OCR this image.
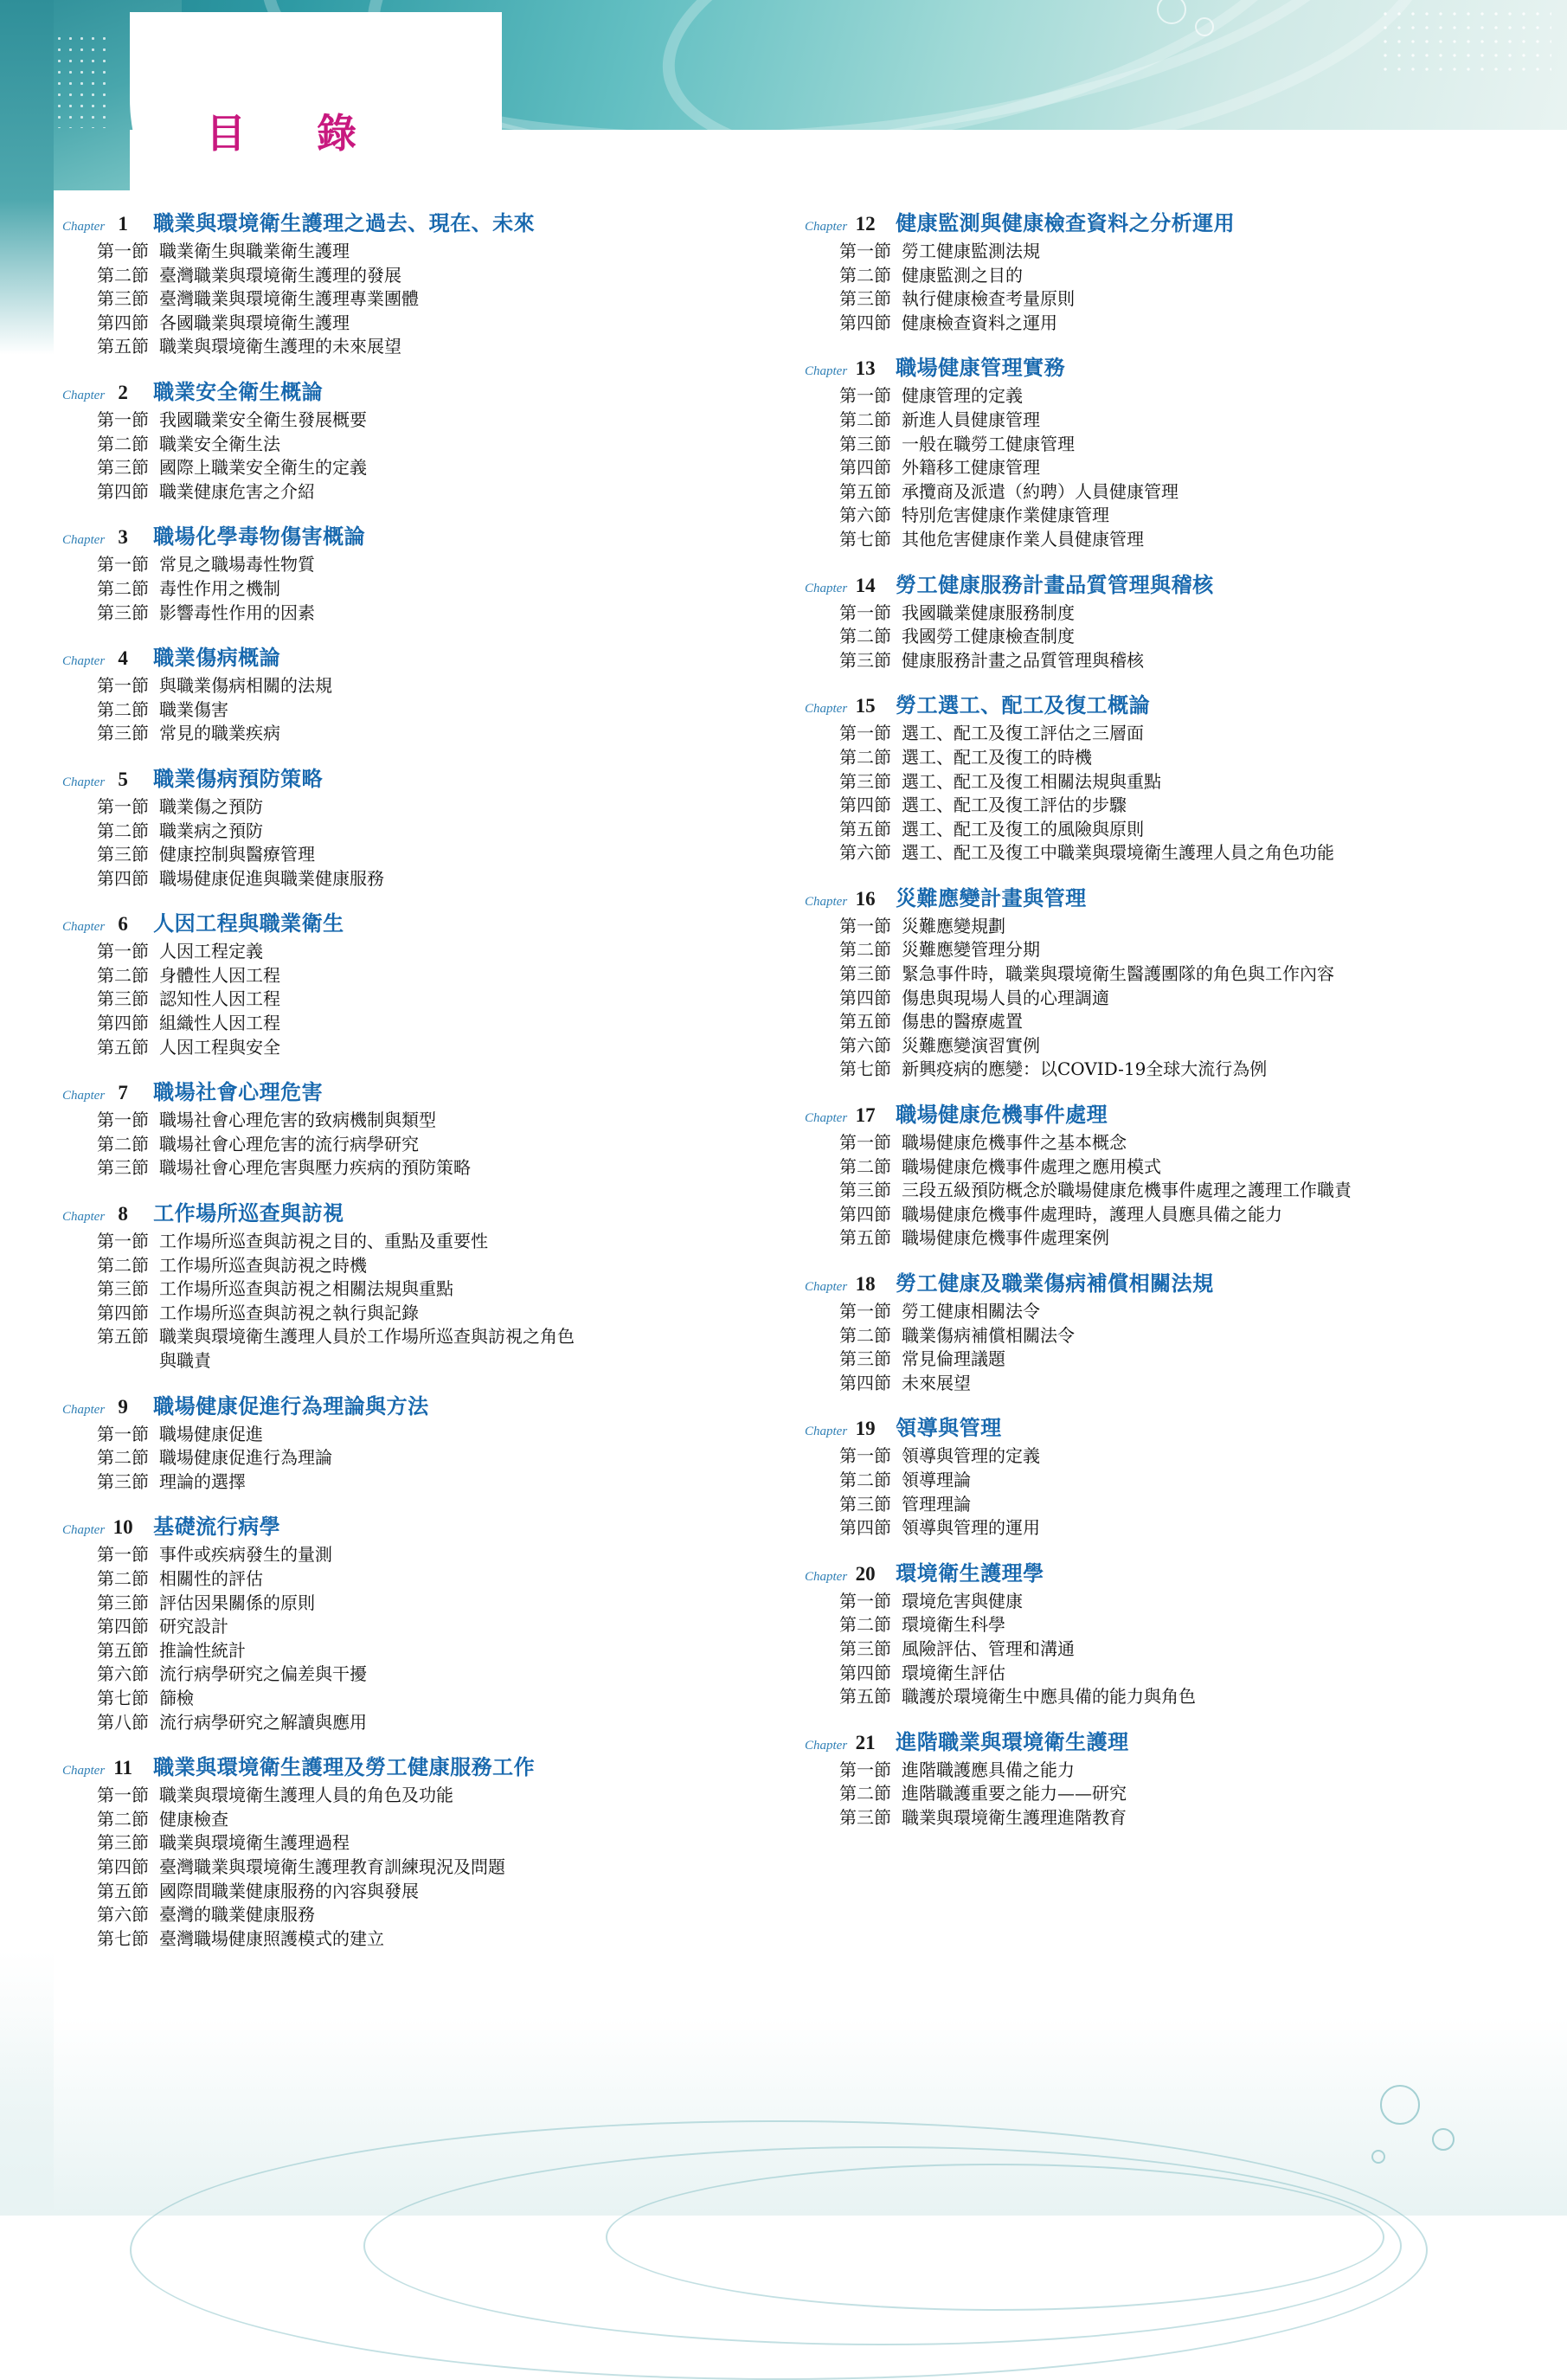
目　錄
Chapter 1	職業與環境衛生護理之過去、現在、未來
第一節 職業衛生與職業衛生護理
第二節 臺灣職業與環境衛生護理的發展
第三節 臺灣職業與環境衛生護理專業團體
第四節 各國職業與環境衛生護理
第五節 職業與環境衛生護理的未來展望
Chapter 2	職業安全衛生概論
第一節 我國職業安全衛生發展概要
第二節 職業安全衛生法
第三節 國際上職業安全衛生的定義
第四節 職業健康危害之介紹
Chapter 3	職場化學毒物傷害概論
第一節 常見之職場毒性物質
第二節 毒性作用之機制
第三節 影響毒性作用的因素
Chapter 4	職業傷病概論
第一節 與職業傷病相關的法規
第二節 職業傷害
第三節 常見的職業疾病
Chapter 5	職業傷病預防策略
第一節 職業傷之預防
第二節 職業病之預防
第三節 健康控制與醫療管理
第四節 職場健康促進與職業健康服務
Chapter 6	人因工程與職業衛生
第一節 人因工程定義
第二節 身體性人因工程
第三節 認知性人因工程
第四節 組織性人因工程
第五節 人因工程與安全
Chapter 7	職場社會心理危害
第一節 職場社會心理危害的致病機制與類型
第二節 職場社會心理危害的流行病學研究
第三節 職場社會心理危害與壓力疾病的預防策略
Chapter 8	工作場所巡查與訪視
第一節 工作場所巡查與訪視之目的、重點及重要性
第二節 工作場所巡查與訪視之時機
第三節 工作場所巡查與訪視之相關法規與重點
第四節 工作場所巡查與訪視之執行與記錄
第五節 職業與環境衛生護理人員於工作場所巡查與訪視之角色
與職責
Chapter 9	職場健康促進行為理論與方法
第一節 職場健康促進
第二節 職場健康促進行為理論
第三節 理論的選擇
Chapter 10 基礎流行病學
第一節 事件或疾病發生的量測
第二節 相關性的評估
第三節 評估因果關係的原則
第四節 研究設計
第五節 推論性統計
第六節 流行病學研究之偏差與干擾
第七節 篩檢
第八節 流行病學研究之解讀與應用
Chapter 11 職業與環境衛生護理及勞工健康服務工作
第一節 職業與環境衛生護理人員的角色及功能
第二節 健康檢查
第三節 職業與環境衛生護理過程
第四節 臺灣職業與環境衛生護理教育訓練現況及問題
第五節 國際間職業健康服務的內容與發展
第六節 臺灣的職業健康服務
第七節 臺灣職場健康照護模式的建立
Chapter 12 健康監測與健康檢查資料之分析運用
第一節 勞工健康監測法規
第二節 健康監測之目的
第三節 執行健康檢查考量原則
第四節 健康檢查資料之運用
Chapter 13 職場健康管理實務
第一節 健康管理的定義
第二節 新進人員健康管理
第三節 一般在職勞工健康管理
第四節 外籍移工健康管理
第五節 承攬商及派遣（約聘）人員健康管理
第六節 特別危害健康作業健康管理
第七節 其他危害健康作業人員健康管理
Chapter 14 勞工健康服務計畫品質管理與稽核
第一節 我國職業健康服務制度
第二節 我國勞工健康檢查制度
第三節 健康服務計畫之品質管理與稽核
Chapter 15 勞工選工、配工及復工概論
第一節 選工、配工及復工評估之三層面
第二節 選工、配工及復工的時機
第三節 選工、配工及復工相關法規與重點
第四節 選工、配工及復工評估的步驟
第五節 選工、配工及復工的風險與原則
第六節 選工、配工及復工中職業與環境衛生護理人員之角色功能
Chapter 16 災難應變計畫與管理
第一節 災難應變規劃
第二節 災難應變管理分期
第三節 緊急事件時，職業與環境衛生醫護團隊的角色與工作內容
第四節 傷患與現場人員的心理調適
第五節 傷患的醫療處置
第六節 災難應變演習實例
第七節 新興疫病的應變：以COVID-19全球大流行為例
Chapter 17 職場健康危機事件處理
第一節 職場健康危機事件之基本概念
第二節 職場健康危機事件處理之應用模式
第三節 三段五級預防概念於職場健康危機事件處理之護理工作職責
第四節 職場健康危機事件處理時，護理人員應具備之能力
第五節 職場健康危機事件處理案例
Chapter 18 勞工健康及職業傷病補償相關法規
第一節 勞工健康相關法令
第二節 職業傷病補償相關法令
第三節 常見倫理議題
第四節 未來展望
Chapter 19 領導與管理
第一節 領導與管理的定義
第二節 領導理論
第三節 管理理論
第四節 領導與管理的運用
Chapter 20 環境衛生護理學
第一節 環境危害與健康
第二節 環境衛生科學
第三節 風險評估、管理和溝通
第四節 環境衛生評估
第五節 職護於環境衛生中應具備的能力與角色
Chapter 21 進階職業與環境衛生護理
第一節 進階職護應具備之能力
第二節 進階職護重要之能力——研究
第三節 職業與環境衛生護理進階教育
